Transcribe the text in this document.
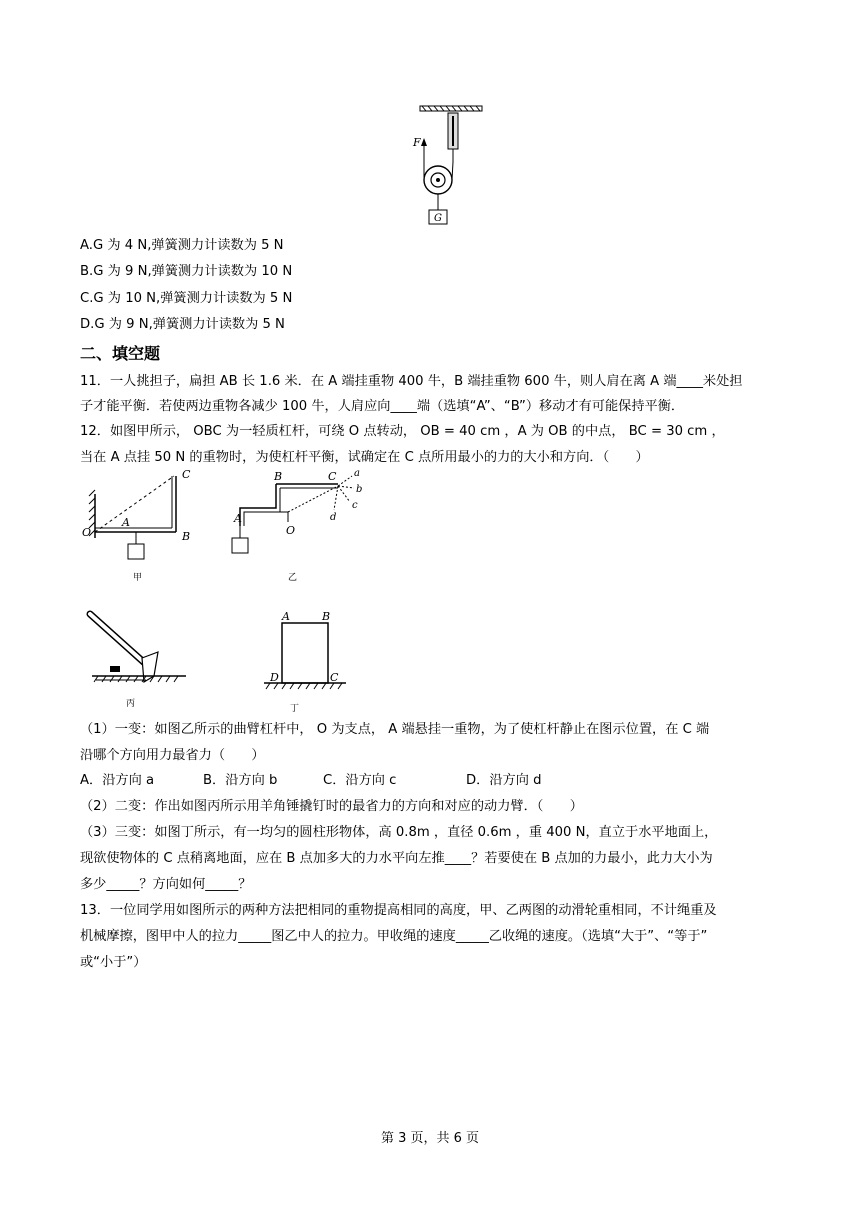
F
G
A.G 为 4 N,弹簧测力计读数为 5 N
B.G 为 9 N,弹簧测力计读数为 10 N
C.G 为 10 N,弹簧测力计读数为 5 N
D.G 为 9 N,弹簧测力计读数为 5 N
二、填空题
11．一人挑担子，扁担 AB 长 1.6 米．在 A 端挂重物 400 牛，B 端挂重物 600 牛，则人肩在离 A 端____米处担
子才能平衡．若使两边重物各减少 100 牛，人肩应向____端（选填“A”、“B”）移动才有可能保持平衡．
12．如图甲所示， OBC 为一轻质杠杆，可绕 O 点转动， OB = 40 cm ，A 为 OB 的中点， BC = 30 cm ，
当在 A 点挂 50 N 的重物时，为使杠杆平衡，试确定在 C 点所用最小的力的大小和方向．（　　）
O
A
B
C
甲
A
B	C
O
a
b
c
d
乙
丙
A	B
C
D
丁
（1）一变：如图乙所示的曲臂杠杆中， O 为支点， A 端悬挂一重物，为了使杠杆静止在图示位置，在 C 端
沿哪个方向用力最省力（　　）
A．沿方向 a	B．沿方向 b	C．沿方向 c	D．沿方向 d
（2）二变：作出如图丙所示用羊角锤撬钉时的最省力的方向和对应的动力臂．（　　）
（3）三变：如图丁所示，有一均匀的圆柱形物体，高 0.8m ，直径 0.6m ，重 400 N，直立于水平地面上，
现欲使物体的 C 点稍离地面，应在 B 点加多大的力水平向左推____？若要使在 B 点加的力最小，此力大小为
多少_____？方向如何_____？
13．一位同学用如图所示的两种方法把相同的重物提高相同的高度，甲、乙两图的动滑轮重相同，不计绳重及
机械摩擦，图甲中人的拉力_____图乙中人的拉力。甲收绳的速度_____乙收绳的速度。（选填“大于”、“等于”
或“小于”）
第 3 页，共 6 页
